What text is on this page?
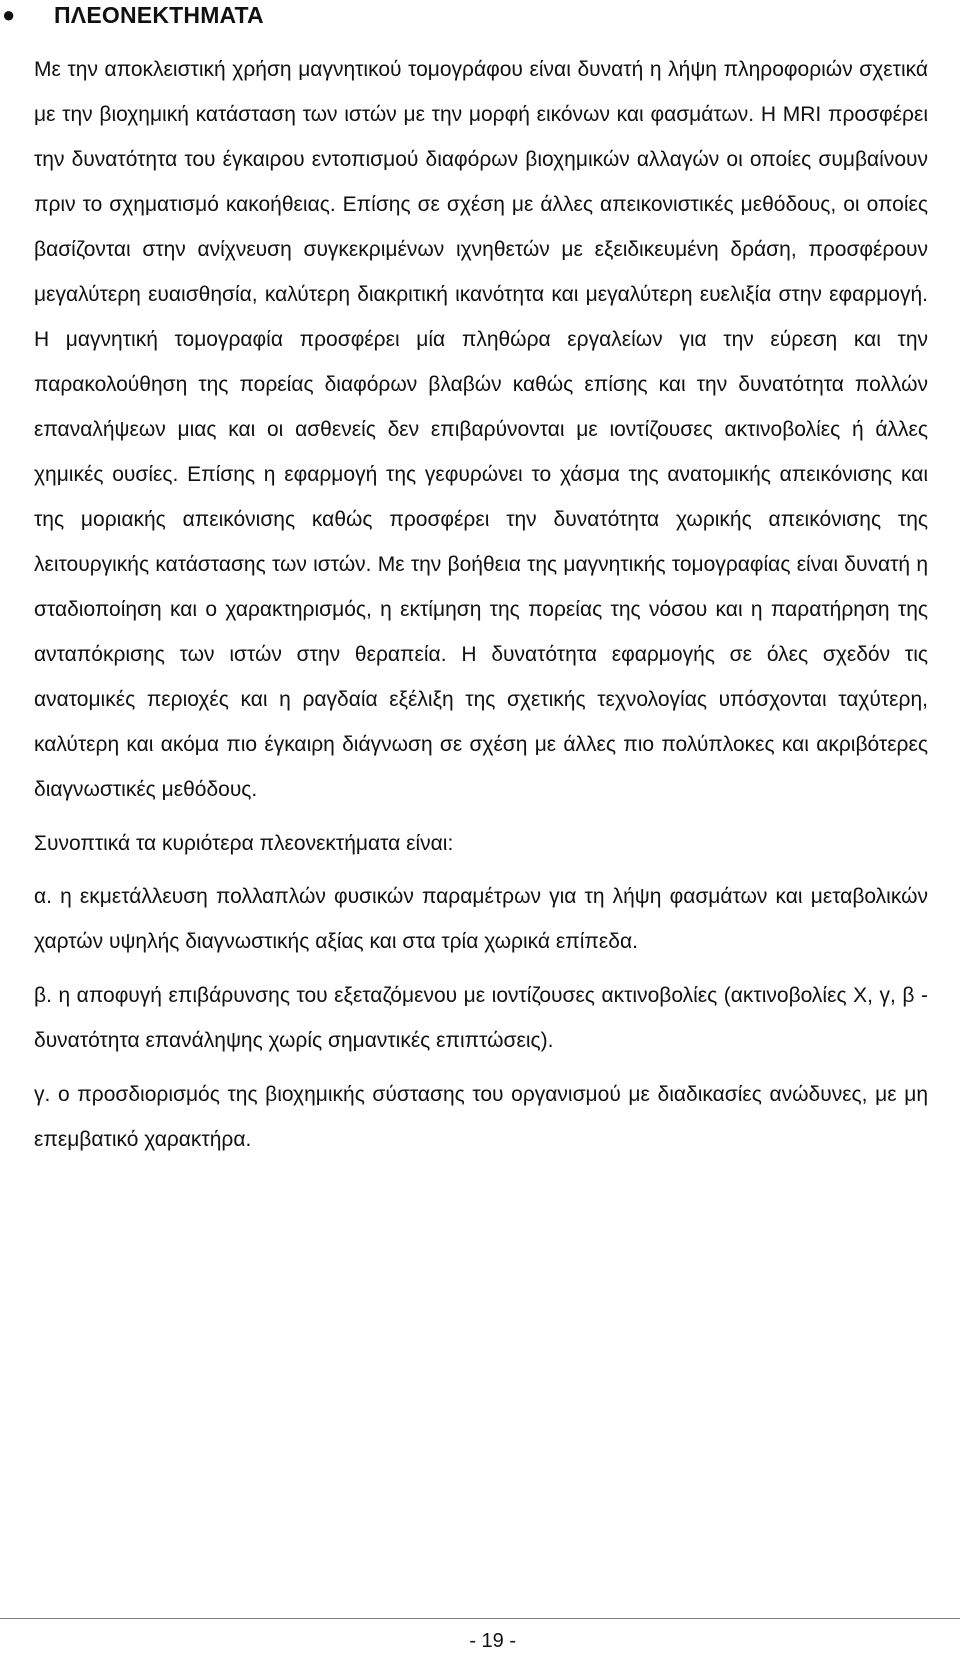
● ΠΛΕΟΝΕΚΤΗΜΑΤΑ

Με την αποκλειστική χρήση μαγνητικού τομογράφου είναι δυνατή η λήψη πληροφοριών σχετικά με την βιοχημική κατάσταση των ιστών με την μορφή εικόνων και φασμάτων. Η MRI προσφέρει την δυνατότητα του έγκαιρου εντοπισμού διαφόρων βιοχημικών αλλαγών οι οποίες συμβαίνουν πριν το σχηματισμό κακοήθειας. Επίσης σε σχέση με άλλες απεικονιστικές μεθόδους, οι οποίες βασίζονται στην ανίχνευση συγκεκριμένων ιχνηθετών με εξειδικευμένη δράση, προσφέρουν μεγαλύτερη ευαισθησία, καλύτερη διακριτική ικανότητα και μεγαλύτερη ευελιξία στην εφαρμογή. Η μαγνητική τομογραφία προσφέρει μία πληθώρα εργαλείων για την εύρεση και την παρακολούθηση της πορείας διαφόρων βλαβών καθώς επίσης και την δυνατότητα πολλών επαναλήψεων μιας και οι ασθενείς δεν επιβαρύνονται με ιοντίζουσες ακτινοβολίες ή άλλες χημικές ουσίες. Επίσης η εφαρμογή της γεφυρώνει το χάσμα της ανατομικής απεικόνισης και της μοριακής απεικόνισης καθώς προσφέρει την δυνατότητα χωρικής απεικόνισης της λειτουργικής κατάστασης των ιστών. Με την βοήθεια της μαγνητικής τομογραφίας είναι δυνατή η σταδιοποίηση και ο χαρακτηρισμός, η εκτίμηση της πορείας της νόσου και η παρατήρηση της ανταπόκρισης των ιστών στην θεραπεία. Η δυνατότητα εφαρμογής σε όλες σχεδόν τις ανατομικές περιοχές και η ραγδαία εξέλιξη της σχετικής τεχνολογίας υπόσχονται ταχύτερη, καλύτερη και ακόμα πιο έγκαιρη διάγνωση σε σχέση με άλλες πιο πολύπλοκες και ακριβότερες διαγνωστικές μεθόδους.

Συνοπτικά τα κυριότερα πλεονεκτήματα είναι:

α. η εκμετάλλευση πολλαπλών φυσικών παραμέτρων για τη λήψη φασμάτων και μεταβολικών χαρτών υψηλής διαγνωστικής αξίας και στα τρία χωρικά επίπεδα.

β. η αποφυγή επιβάρυνσης του εξεταζόμενου με ιοντίζουσες ακτινοβολίες (ακτινοβολίες Χ, γ, β - δυνατότητα επανάληψης χωρίς σημαντικές επιπτώσεις).

γ. ο προσδιορισμός της βιοχημικής σύστασης του οργανισμού με διαδικασίες ανώδυνες, με μη επεμβατικό χαρακτήρα.

- 19 -
